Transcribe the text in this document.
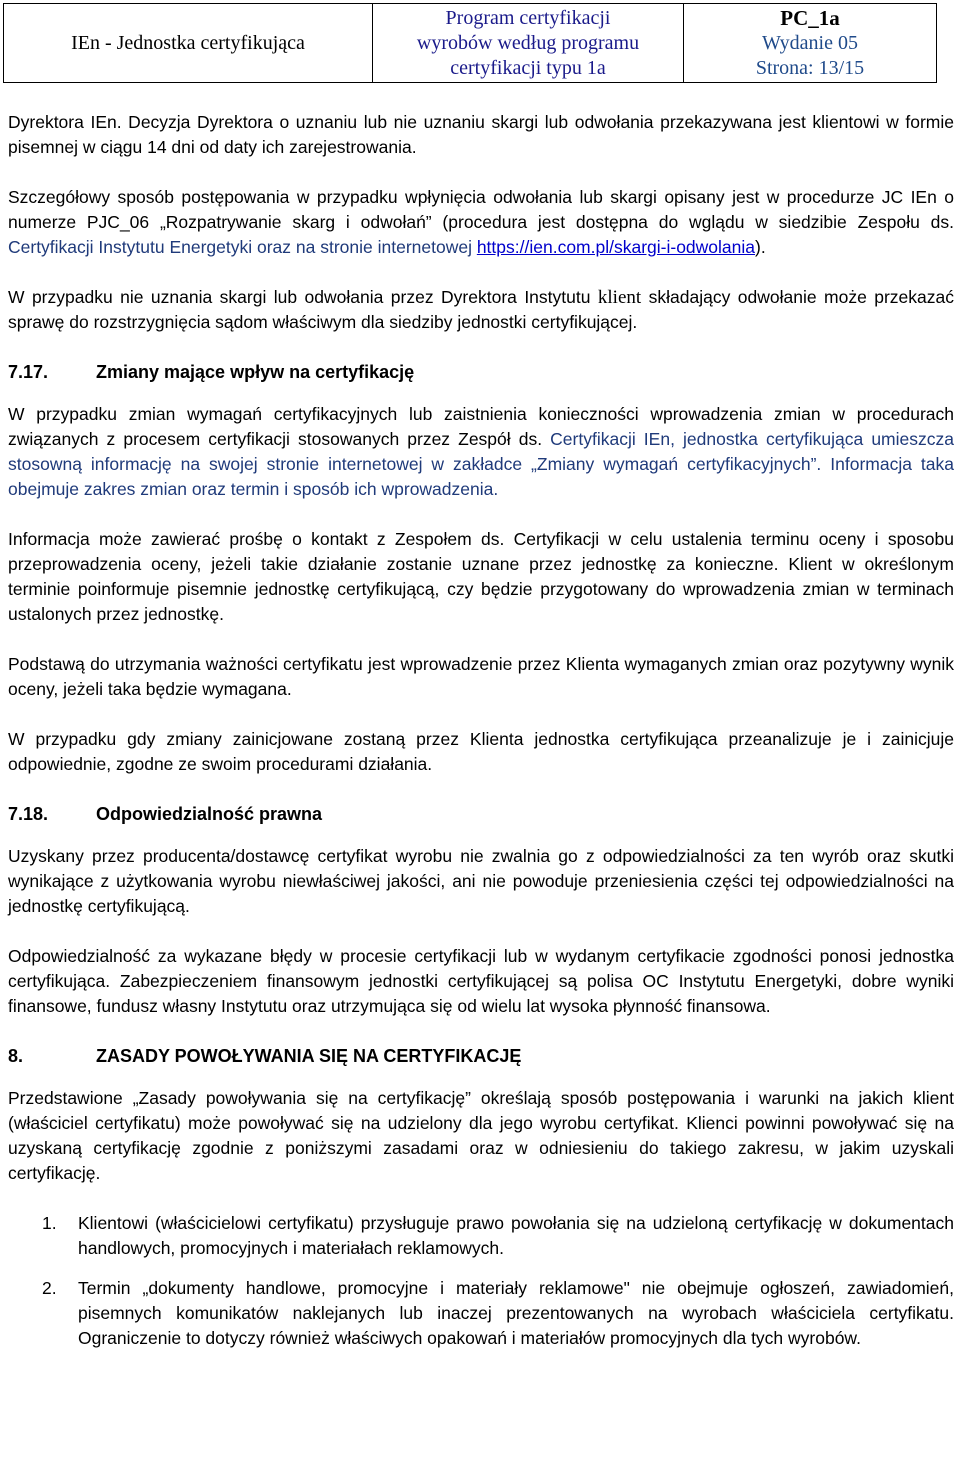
IEn - Jednostka certyfikująca
Program certyfikacji
wyrobów według programu
certyfikacji typu 1a
PC_1a
Wydanie 05
Strona: 13/15

Dyrektora IEn. Decyzja Dyrektora o uznaniu lub nie uznaniu skargi lub odwołania przekazywana jest klientowi w formie pisemnej w ciągu 14 dni od daty ich zarejestrowania.

Szczegółowy sposób postępowania w przypadku wpłynięcia odwołania lub skargi opisany jest w procedurze JC IEn o numerze PJC_06 „Rozpatrywanie skarg i odwołań” (procedura jest dostępna do wglądu w siedzibie Zespołu ds. Certyfikacji Instytutu Energetyki oraz na stronie internetowej https://ien.com.pl/skargi-i-odwolania).

W przypadku nie uznania skargi lub odwołania przez Dyrektora Instytutu klient składający odwołanie może przekazać sprawę do rozstrzygnięcia sądom właściwym dla siedziby jednostki certyfikującej.

7.17.	Zmiany mające wpływ na certyfikację

W przypadku zmian wymagań certyfikacyjnych lub zaistnienia konieczności wprowadzenia zmian w procedurach związanych z procesem certyfikacji stosowanych przez Zespół ds. Certyfikacji IEn, jednostka certyfikująca umieszcza stosowną informację na swojej stronie internetowej w zakładce „Zmiany wymagań certyfikacyjnych”. Informacja taka obejmuje zakres zmian oraz termin i sposób ich wprowadzenia.

Informacja może zawierać prośbę o kontakt z Zespołem ds. Certyfikacji w celu ustalenia terminu oceny i sposobu przeprowadzenia oceny, jeżeli takie działanie zostanie uznane przez jednostkę za konieczne. Klient w określonym terminie poinformuje pisemnie jednostkę certyfikującą, czy będzie przygotowany do wprowadzenia zmian w terminach ustalonych przez jednostkę.

Podstawą do utrzymania ważności certyfikatu jest wprowadzenie przez Klienta wymaganych zmian oraz pozytywny wynik oceny, jeżeli taka będzie wymagana.

W przypadku gdy zmiany zainicjowane zostaną przez Klienta jednostka certyfikująca przeanalizuje je i zainicjuje odpowiednie, zgodne ze swoim procedurami działania.

7.18.	Odpowiedzialność prawna

Uzyskany przez producenta/dostawcę certyfikat wyrobu nie zwalnia go z odpowiedzialności za ten wyrób oraz skutki wynikające z użytkowania wyrobu niewłaściwej jakości, ani nie powoduje przeniesienia części tej odpowiedzialności na jednostkę certyfikującą.

Odpowiedzialność za wykazane błędy w procesie certyfikacji lub w wydanym certyfikacie zgodności ponosi jednostka certyfikująca. Zabezpieczeniem finansowym jednostki certyfikującej są polisa OC Instytutu Energetyki, dobre wyniki finansowe, fundusz własny Instytutu oraz utrzymująca się od wielu lat wysoka płynność finansowa.

8.	ZASADY POWOŁYWANIA SIĘ NA CERTYFIKACJĘ

Przedstawione „Zasady powoływania się na certyfikację” określają sposób postępowania i warunki na jakich klient (właściciel certyfikatu) może powoływać się na udzielony dla jego wyrobu certyfikat. Klienci powinni powoływać się na uzyskaną certyfikację zgodnie z poniższymi zasadami oraz w odniesieniu do takiego zakresu, w jakim uzyskali certyfikację.

1.	Klientowi (właścicielowi certyfikatu) przysługuje prawo powołania się na udzieloną certyfikację w dokumentach handlowych, promocyjnych i materiałach reklamowych.
2.	Termin „dokumenty handlowe, promocyjne i materiały reklamowe" nie obejmuje ogłoszeń, zawiadomień, pisemnych komunikatów naklejanych lub inaczej prezentowanych na wyrobach właściciela certyfikatu. Ograniczenie to dotyczy również właściwych opakowań i materiałów promocyjnych dla tych wyrobów.
